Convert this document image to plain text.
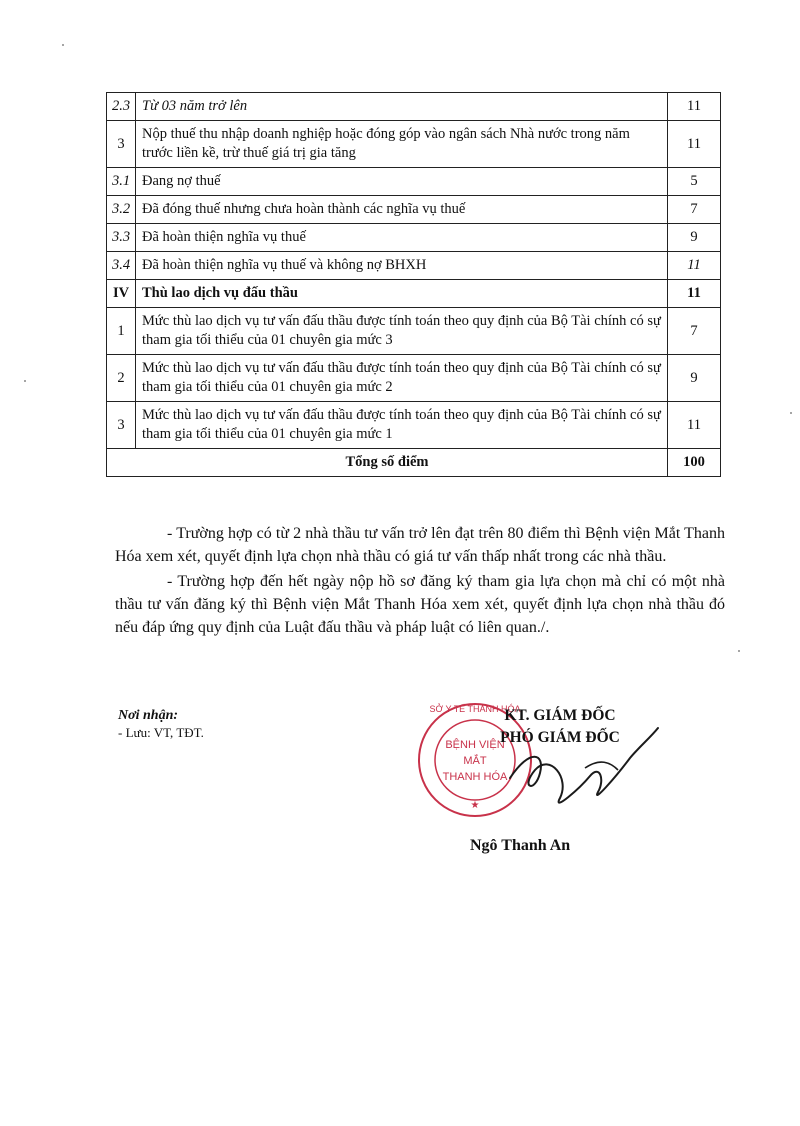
2.3	Từ 03 năm trở lên	11
3	Nộp thuế thu nhập doanh nghiệp hoặc đóng góp vào ngân sách Nhà nước trong năm trước liền kề, trừ thuế giá trị gia tăng	11
3.1	Đang nợ thuế	5
3.2	Đã đóng thuế nhưng chưa hoàn thành các nghĩa vụ thuế	7
3.3	Đã hoàn thiện nghĩa vụ thuế	9
3.4	Đã hoàn thiện nghĩa vụ thuế và không nợ BHXH	11
IV	Thù lao dịch vụ đấu thầu	11
1	Mức thù lao dịch vụ tư vấn đấu thầu được tính toán theo quy định của Bộ Tài chính có sự tham gia tối thiểu của 01 chuyên gia mức 3	7
2	Mức thù lao dịch vụ tư vấn đấu thầu được tính toán theo quy định của Bộ Tài chính có sự tham gia tối thiểu của 01 chuyên gia mức 2	9
3	Mức thù lao dịch vụ tư vấn đấu thầu được tính toán theo quy định của Bộ Tài chính có sự tham gia tối thiểu của 01 chuyên gia mức 1	11
Tổng số điểm		100

- Trường hợp có từ 2 nhà thầu tư vấn trở lên đạt trên 80 điểm thì Bệnh viện Mắt Thanh Hóa xem xét, quyết định lựa chọn nhà thầu có giá tư vấn thấp nhất trong các nhà thầu.

- Trường hợp đến hết ngày nộp hồ sơ đăng ký tham gia lựa chọn mà chỉ có một nhà thầu tư vấn đăng ký thì Bệnh viện Mắt Thanh Hóa xem xét, quyết định lựa chọn nhà thầu đó nếu đáp ứng quy định của Luật đấu thầu và pháp luật có liên quan./.

Nơi nhận:
- Lưu: VT, TĐT.
SỞ Y TẾ THANH HÓA
BỆNH VIỆN
MẮT
THANH HÓA
★
KT. GIÁM ĐỐC
PHÓ GIÁM ĐỐC
Ngô Thanh An
